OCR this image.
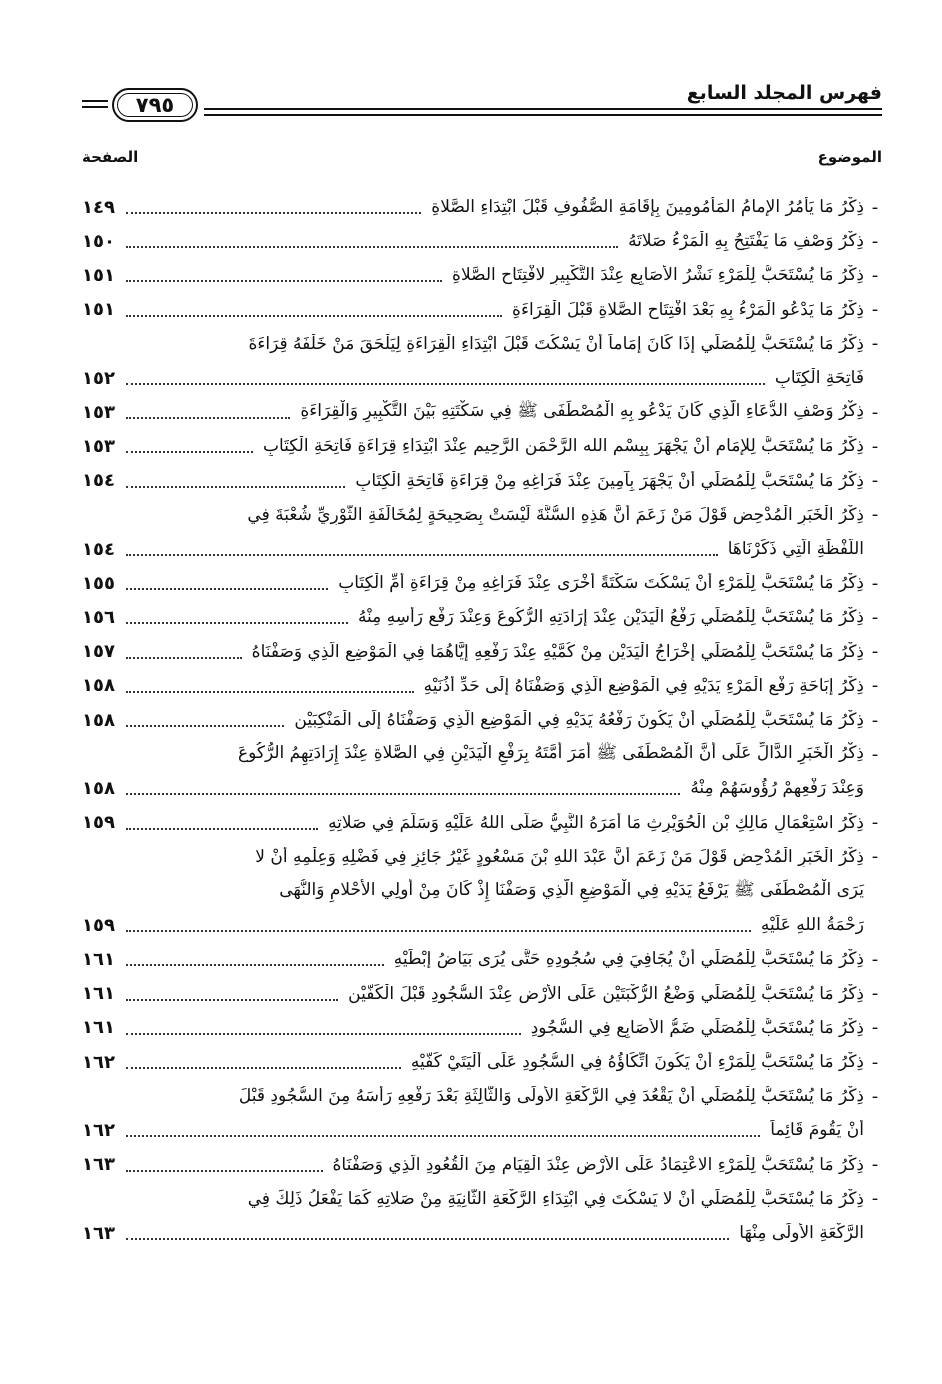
فهرس المجلد السابع
٧٩٥
الموضوع
الصفحة
-
ذِكْرُ مَا يَأْمُرُ الإِمامُ المَأْمُومِينَ بِإِقَامَةِ الصُّفُوفِ قَبْلَ ابْتِدَاءِ الصَّلاةِ
١٤٩
-
ذِكْرُ وَصْفِ مَا يَفْتَتِحُ بِهِ الْمَرْءُ صَلاتَهُ
١٥٠
-
ذِكْرُ مَا يُسْتَحَبُّ لِلْمَرْءِ نَشْرُ الأَصَابِعِ عِنْدَ التَّكْبِيرِ لافْتِتَاحِ الصَّلاةِ
١٥١
-
ذِكْرُ مَا يَدْعُو الْمَرْءُ بِهِ بَعْدَ افْتِتَاحِ الصَّلاةِ قَبْلَ الْقِرَاءَةِ
١٥١
-
ذِكْرُ مَا يُسْتَحَبُّ لِلْمُصَلِّي إِذَا كَانَ إِمَاماً أَنْ يَسْكُتَ قَبْلَ ابْتِدَاءِ الْقِرَاءَةِ لِيَلْحَقَ مَنْ خَلْفَهُ قِرَاءَةَ
فَاتِحَةِ الْكِتَابِ
١٥٢
-
ذِكْرُ وَصْفِ الدُّعَاءِ الَّذِي كَانَ يَدْعُو بِهِ الْمُصْطَفَى ﷺ فِي سَكْتَتِهِ بَيْنَ التَّكْبِيرِ وَالْقِرَاءَةِ
١٥٣
-
ذِكْرُ مَا يُسْتَحَبُّ لِلإِمَامِ أَنْ يَجْهَرَ بِبِسْمِ الله الرَّحْمَنِ الرَّحِيمِ عِنْدَ ابْتِدَاءِ قِرَاءَةِ فَاتِحَةِ الْكِتَابِ
١٥٣
-
ذِكْرُ مَا يُسْتَحَبُّ لِلْمُصَلِّي أَنْ يَجْهَرَ بِآمِينَ عِنْدَ فَرَاغِهِ مِنْ قِرَاءَةِ فَاتِحَةِ الْكِتَابِ
١٥٤
-
ذِكْرُ الْخَبَرِ الْمُدْحِضِ قَوْلَ مَنْ زَعَمَ أَنَّ هَذِهِ السُّنَّةَ لَيْسَتْ بِصَحِيحَةٍ لِمُخَالَفَةِ الثَّوْرِيِّ شُعْبَةَ فِي
اللَّفْظَةِ الَّتِي ذَكَرْنَاهَا
١٥٤
-
ذِكْرُ مَا يُسْتَحَبُّ لِلْمَرْءِ أَنْ يَسْكُتَ سَكْتَةً أُخْرَى عِنْدَ فَرَاغِهِ مِنْ قِرَاءَةِ أُمِّ الْكِتَابِ
١٥٥
-
ذِكْرُ مَا يُسْتَحَبُّ لِلْمُصَلِّي رَفْعُ الْيَدَيْنِ عِنْدَ إِرَادَتِهِ الرُّكُوعَ وَعِنْدَ رَفْعِ رَأْسِهِ مِنْهُ
١٥٦
-
ذِكْرُ مَا يُسْتَحَبُّ لِلْمُصَلِّي إِخْرَاجُ الْيَدَيْنِ مِنْ كُمَّيْهِ عِنْدَ رَفْعِهِ إِيَّاهُمَا فِي الْمَوْضِعِ الَّذِي وَصَفْنَاهُ
١٥٧
-
ذِكْرُ إِبَاحَةِ رَفْعِ الْمَرْءِ يَدَيْهِ فِي الْمَوْضِعِ الَّذِي وَصَفْنَاهُ إِلَى حَدِّ أُذُنَيْهِ
١٥٨
-
ذِكْرُ مَا يُسْتَحَبُّ لِلْمُصَلِّي أَنْ يَكُونَ رَفْعُهُ يَدَيْهِ فِي الْمَوْضِعِ الَّذِي وَصَفْنَاهُ إِلَى الْمَنْكِبَيْنِ
١٥٨
-
ذِكْرُ الْخَبَرِ الدَّالِّ عَلَى أَنَّ الْمُصْطَفَى ﷺ أَمَرَ أُمَّتَهُ بِرَفْعِ الْيَدَيْنِ فِي الصَّلاةِ عِنْدَ إِرَادَتِهِمُ الرُّكُوعَ
وَعِنْدَ رَفْعِهِمْ رُؤُوسَهُمْ مِنْهُ
١٥٨
-
ذِكْرُ اسْتِعْمَالِ مَالِكِ بْنِ الْحُوَيْرِثِ مَا أَمَرَهُ النَّبِيُّ صَلَّى اللهُ عَلَيْهِ وَسَلَّمَ فِي صَلاتِهِ
١٥٩
-
ذِكْرُ الْخَبَرِ الْمُدْحِضِ قَوْلَ مَنْ زَعَمَ أَنَّ عَبْدَ اللهِ بْنَ مَسْعُودٍ غَيْرُ جَائِزٍ فِي فَضْلِهِ وَعِلْمِهِ أَنْ لا
يَرَى الْمُصْطَفَى ﷺ يَرْفَعُ يَدَيْهِ فِي الْمَوْضِعِ الَّذِي وَصَفْنَا إِذْ كَانَ مِنْ أُولِي الأَحْلامِ وَالنُّهَى
رَحْمَةُ اللهِ عَلَيْهِ
١٥٩
-
ذِكْرُ مَا يُسْتَحَبُّ لِلْمُصَلِّي أَنْ يُجَافِيَ فِي سُجُودِهِ حَتَّى يُرَى بَيَاضُ إِبْطَيْهِ
١٦١
-
ذِكْرُ مَا يُسْتَحَبُّ لِلْمُصَلِّي وَضْعُ الرُّكْبَتَيْنِ عَلَى الأَرْضِ عِنْدَ السُّجُودِ قَبْلَ الْكَفَّيْنِ
١٦١
-
ذِكْرُ مَا يُسْتَحَبُّ لِلْمُصَلِّي ضَمُّ الأَصَابِعِ فِي السُّجُودِ
١٦١
-
ذِكْرُ مَا يُسْتَحَبُّ لِلْمَرْءِ أَنْ يَكُونَ اتِّكَاؤُهُ فِي السُّجُودِ عَلَى أَلْيَتَيْ كَفَّيْهِ
١٦٢
-
ذِكْرُ مَا يُسْتَحَبُّ لِلْمُصَلِّي أَنْ يَقْعُدَ فِي الرَّكْعَةِ الأُولَى وَالثَّالِثَةِ بَعْدَ رَفْعِهِ رَأْسَهُ مِنَ السُّجُودِ قَبْلَ
أَنْ يَقُومَ قَائِماً
١٦٢
-
ذِكْرُ مَا يُسْتَحَبُّ لِلْمَرْءِ الاعْتِمَادُ عَلَى الأَرْضِ عِنْدَ الْقِيَامِ مِنَ الْقُعُودِ الَّذِي وَصَفْنَاهُ
١٦٣
-
ذِكْرُ مَا يُسْتَحَبُّ لِلْمُصَلِّي أَنْ لا يَسْكُتَ فِي ابْتِدَاءِ الرَّكْعَةِ الثَّانِيَةِ مِنْ صَلاتِهِ كَمَا يَفْعَلُ ذَلِكَ فِي
الرَّكْعَةِ الأُولَى مِنْهَا
١٦٣
